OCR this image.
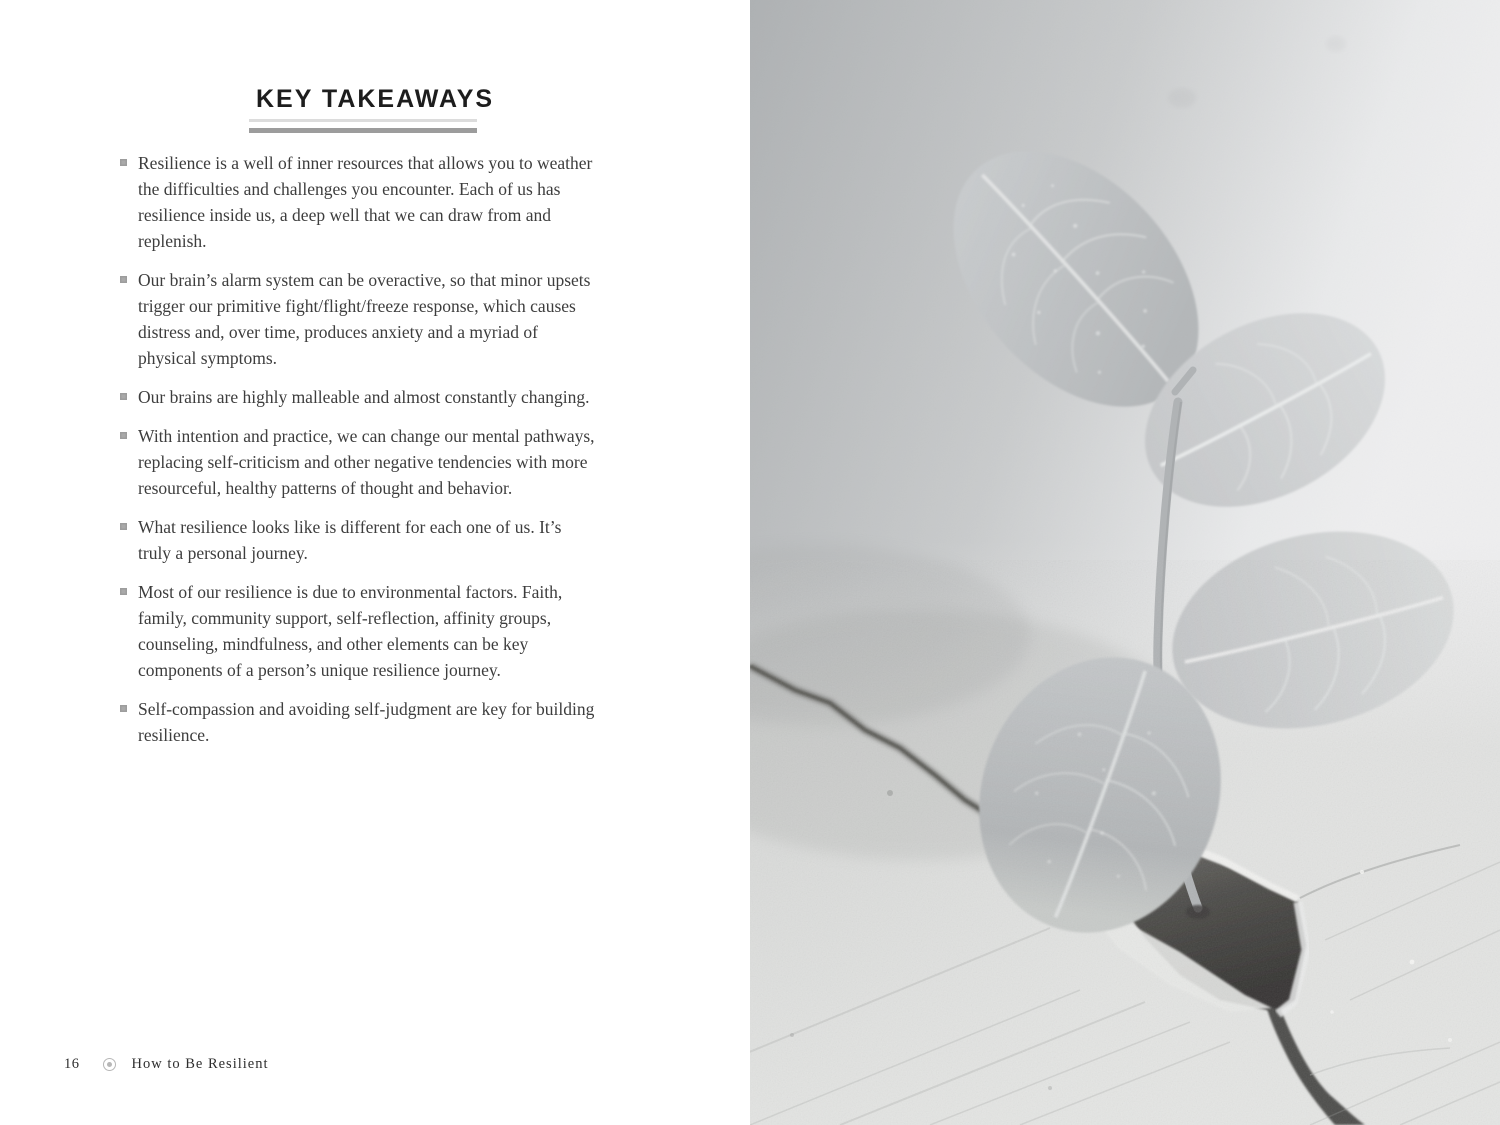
KEY TAKEAWAYS
Resilience is a well of inner resources that allows you to weather the difficulties and challenges you encounter. Each of us has resilience inside us, a deep well that we can draw from and replenish.
Our brain’s alarm system can be overactive, so that minor upsets trigger our primitive fight/flight/freeze response, which causes distress and, over time, produces anxiety and a myriad of physical symptoms.
Our brains are highly malleable and almost constantly changing.
With intention and practice, we can change our mental pathways, replacing self-criticism and other negative tendencies with more resourceful, healthy patterns of thought and behavior.
What resilience looks like is different for each one of us. It’s truly a personal journey.
Most of our resilience is due to environmental factors. Faith, family, community support, self-reflection, affinity groups, counseling, mindfulness, and other elements can be key components of a person’s unique resilience journey.
Self-compassion and avoiding self-judgment are key for building resilience.
16	How to Be Resilient
